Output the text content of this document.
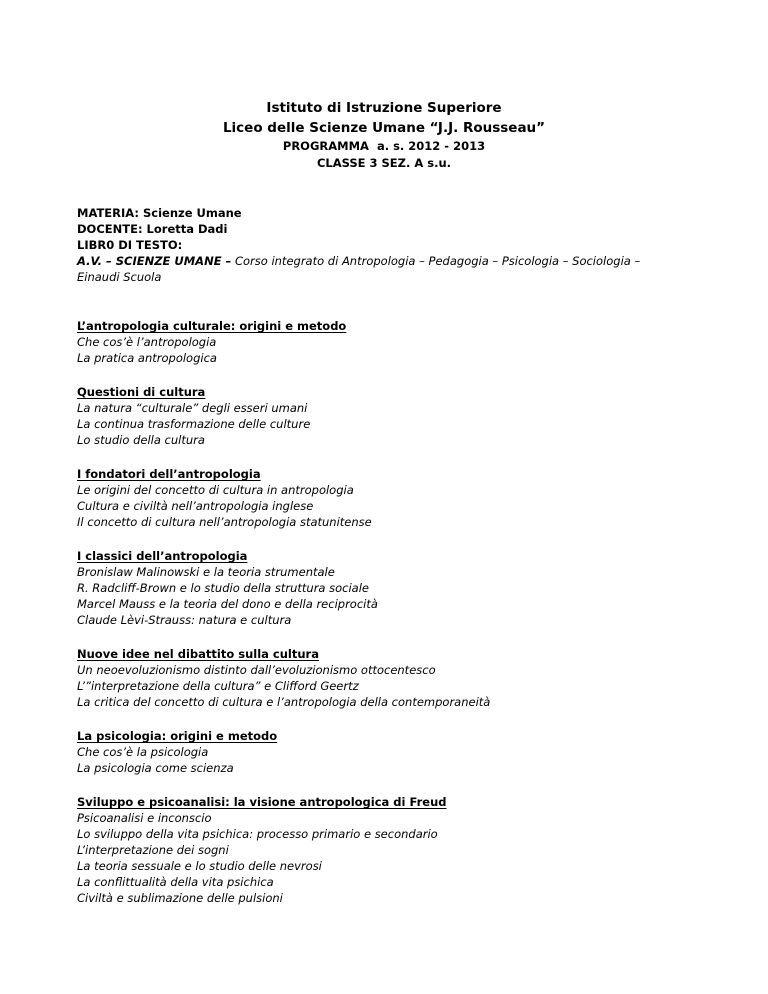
Istituto di Istruzione Superiore
Liceo delle Scienze Umane “J.J. Rousseau”
PROGRAMMA  a. s. 2012 - 2013
CLASSE 3 SEZ. A s.u.
MATERIA: Scienze Umane
DOCENTE: Loretta Dadi
LIBR0 DI TESTO:
A.V. – SCIENZE UMANE – Corso integrato di Antropologia – Pedagogia – Psicologia – Sociologia –
Einaudi Scuola
L’antropologia culturale: origini e metodo
Che cos’è l’antropologia
La pratica antropologica
Questioni di cultura
La natura “culturale” degli esseri umani
La continua trasformazione delle culture
Lo studio della cultura
I fondatori dell’antropologia
Le origini del concetto di cultura in antropologia
Cultura e civiltà nell’antropologia inglese
Il concetto di cultura nell’antropologia statunitense
I classici dell’antropologia
Bronislaw Malinowski e la teoria strumentale
R. Radcliff-Brown e lo studio della struttura sociale
Marcel Mauss e la teoria del dono e della reciprocità
Claude Lèvi-Strauss: natura e cultura
Nuove idee nel dibattito sulla cultura
Un neoevoluzionismo distinto dall’evoluzionismo ottocentesco
L’”interpretazione della cultura” e Clifford Geertz
La critica del concetto di cultura e l’antropologia della contemporaneità
La psicologia: origini e metodo
Che cos’è la psicologia
La psicologia come scienza
Sviluppo e psicoanalisi: la visione antropologica di Freud
Psicoanalisi e inconscio
Lo sviluppo della vita psichica: processo primario e secondario
L’interpretazione dei sogni
La teoria sessuale e lo studio delle nevrosi
La conflittualità della vita psichica
Civiltà e sublimazione delle pulsioni
